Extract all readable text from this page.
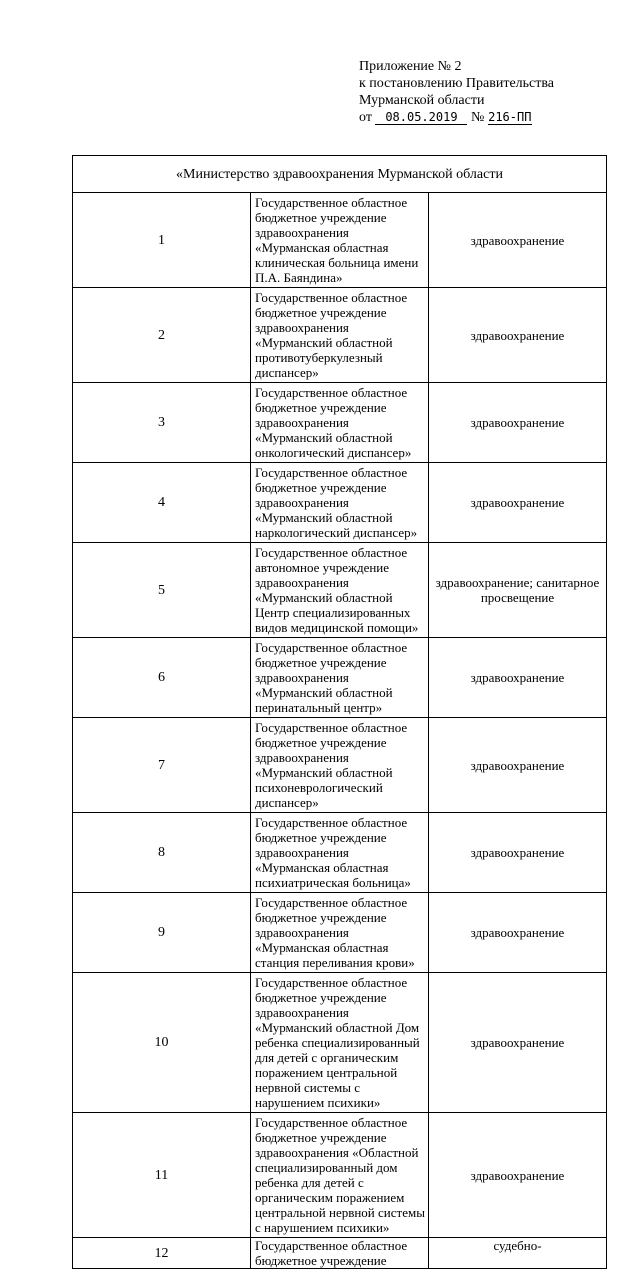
Приложение № 2
к постановлению Правительства
Мурманской области
от 08.05.2019 № 216-ПП
«Министерство здравоохранения Мурманской области		
1	Государственное областное бюджетное учреждение здравоохранения «Мурманская областная клиническая больница имени П.А. Баяндина»	здравоохранение
2	Государственное областное бюджетное учреждение здравоохранения «Мурманский областной противотуберкулезный диспансер»	здравоохранение
3	Государственное областное бюджетное учреждение здравоохранения «Мурманский областной онкологический диспансер»	здравоохранение
4	Государственное областное бюджетное учреждение здравоохранения «Мурманский областной наркологический диспансер»	здравоохранение
5	Государственное областное автономное учреждение здравоохранения «Мурманский областной Центр специализированных видов медицинской помощи»	здравоохранение; санитарное просвещение
6	Государственное областное бюджетное учреждение здравоохранения «Мурманский областной перинатальный центр»	здравоохранение
7	Государственное областное бюджетное учреждение здравоохранения «Мурманский областной психоневрологический диспансер»	здравоохранение
8	Государственное областное бюджетное учреждение здравоохранения «Мурманская областная психиатрическая больница»	здравоохранение
9	Государственное областное бюджетное учреждение здравоохранения «Мурманская областная станция переливания крови»	здравоохранение
10	Государственное областное бюджетное учреждение здравоохранения «Мурманский областной Дом ребенка специализированный для детей с органическим поражением центральной нервной системы с нарушением психики»	здравоохранение
11	Государственное областное бюджетное учреждение здравоохранения «Областной специализированный дом ребенка для детей с органическим поражением центральной нервной системы с нарушением психики»	здравоохранение
12	Государственное областное бюджетное учреждение	судебно-
